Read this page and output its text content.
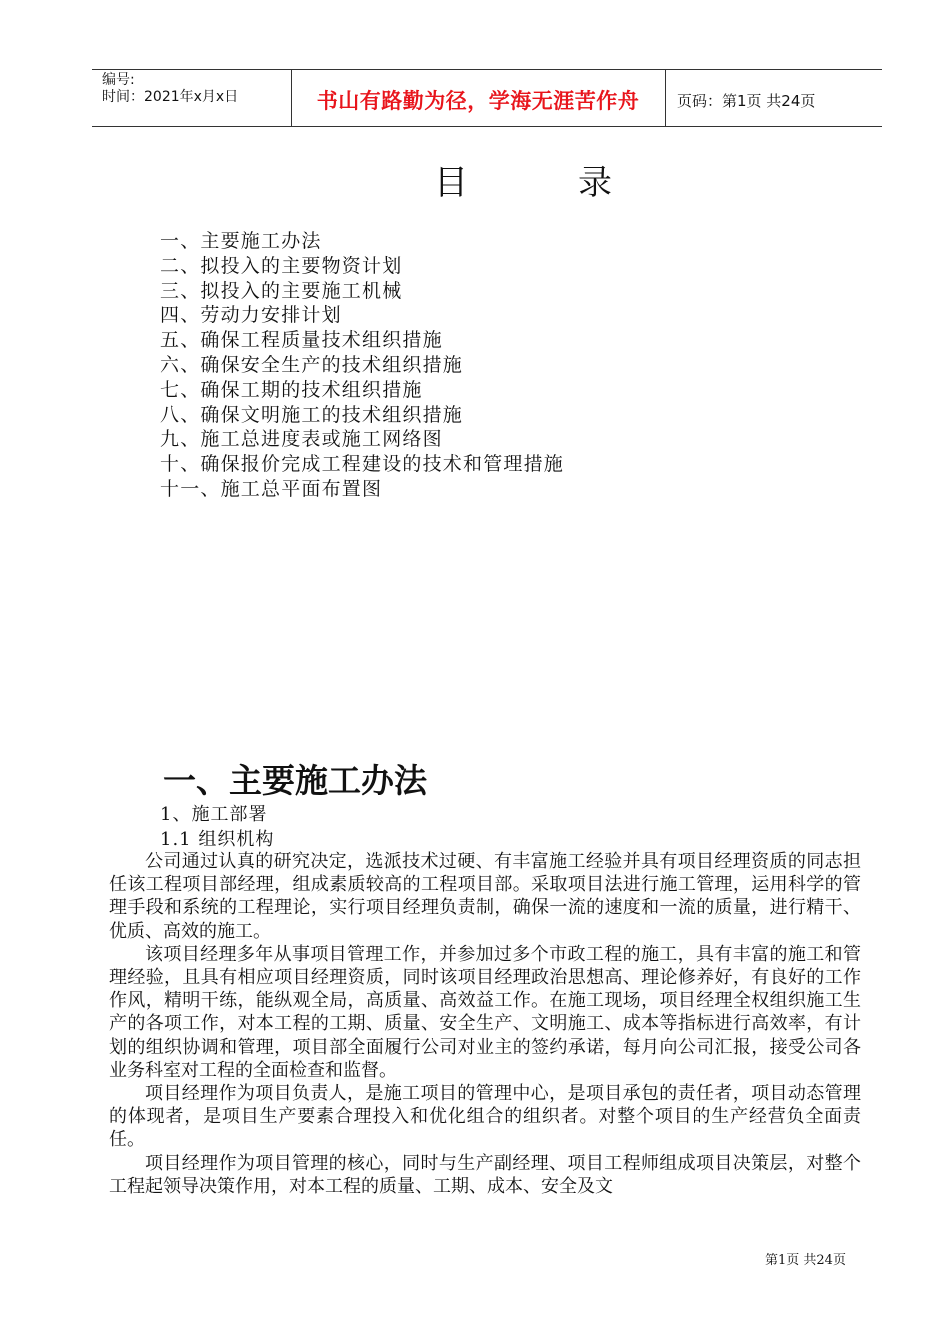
编号:
时间：2021年x月x日	书山有路勤为径，学海无涯苦作舟	页码：第1页 共24页
目	录
一、主要施工办法
二、拟投入的主要物资计划
三、拟投入的主要施工机械
四、劳动力安排计划
五、确保工程质量技术组织措施
六、确保安全生产的技术组织措施
七、确保工期的技术组织措施
八、确保文明施工的技术组织措施
九、施工总进度表或施工网络图
十、确保报价完成工程建设的技术和管理措施
十一、施工总平面布置图
一、主要施工办法
1、施工部署
1.1 组织机构

公司通过认真的研究决定，选派技术过硬、有丰富施工经验并具有项目经理资质的同志担任该工程项目部经理，组成素质较高的工程项目部。采取项目法进行施工管理，运用科学的管理手段和系统的工程理论，实行项目经理负责制，确保一流的速度和一流的质量，进行精干、优质、高效的施工。

该项目经理多年从事项目管理工作，并参加过多个市政工程的施工，具有丰富的施工和管理经验，且具有相应项目经理资质，同时该项目经理政治思想高、理论修养好，有良好的工作作风，精明干练，能纵观全局，高质量、高效益工作。在施工现场，项目经理全权组织施工生产的各项工作，对本工程的工期、质量、安全生产、文明施工、成本等指标进行高效率，有计划的组织协调和管理，项目部全面履行公司对业主的签约承诺，每月向公司汇报，接受公司各业务科室对工程的全面检查和监督。

项目经理作为项目负责人，是施工项目的管理中心，是项目承包的责任者，项目动态管理的体现者，是项目生产要素合理投入和优化组合的组织者。对整个项目的生产经营负全面责任。

项目经理作为项目管理的核心，同时与生产副经理、项目工程师组成项目决策层，对整个工程起领导决策作用，对本工程的质量、工期、成本、安全及文

第1页 共24页
